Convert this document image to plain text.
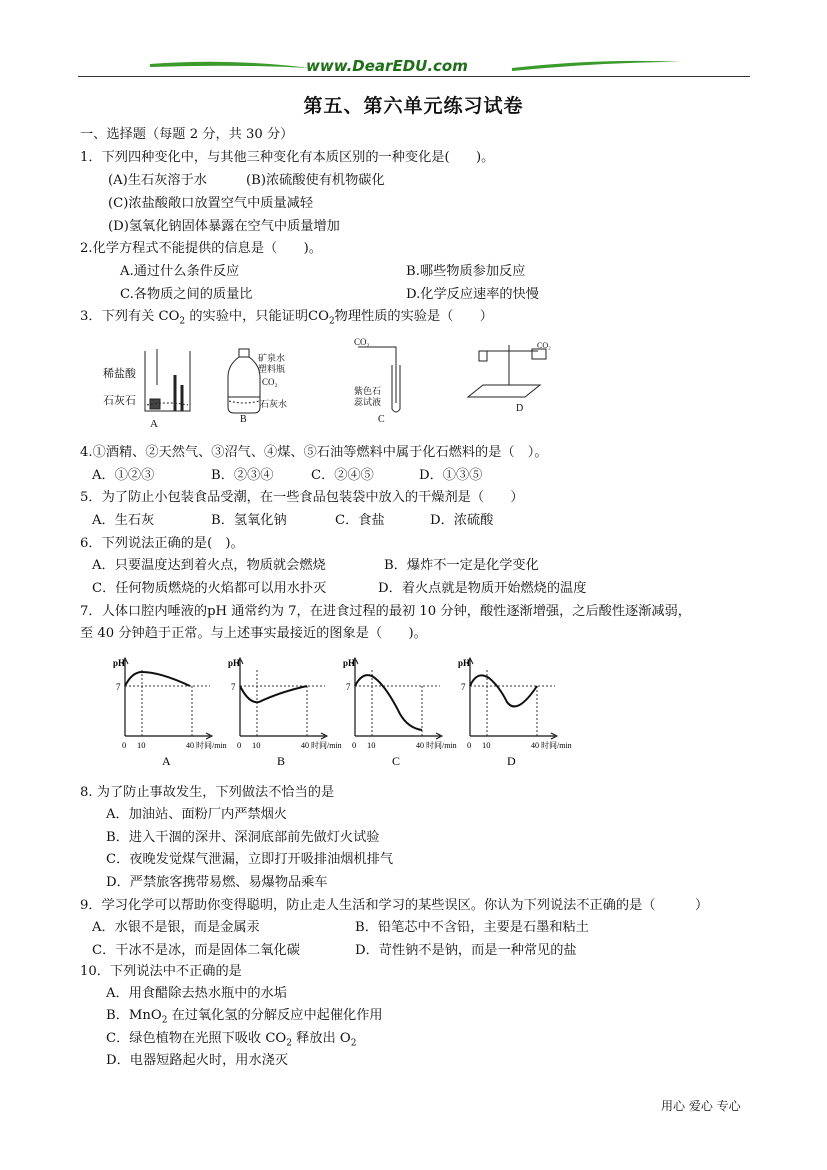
www.DearEDU.com
第五、第六单元练习试卷
一、选择题（每题 2 分，共 30 分）
1．下列四种变化中，与其他三种变化有本质区别的一种变化是(　　)。
(A)生石灰溶于水	(B)浓硫酸使有机物碳化
(C)浓盐酸敞口放置空气中质量减轻
(D)氢氧化钠固体暴露在空气中质量增加
2.化学方程式不能提供的信息是（　　)。
A.通过什么条件反应	B.哪些物质参加反应
C.各物质之间的质量比	D.化学反应速率的快慢
3．下列有关 $CO_2$ 的实验中，只能证明$CO_2$物理性质的实验是（　　）
稀盐酸
石灰石
A
矿泉水
塑料瓶
CO₂
石灰水
B
CO₂
紫色石
蕊试液
C
CO₂
D
4.①酒精、②天然气、③沼气、④煤、⑤石油等燃料中属于化石燃料的是（　）。
A．①②③	B．②③④	C．②④⑤	D．①③⑤
5．为了防止小包装食品受潮，在一些食品包装袋中放入的干燥剂是（　　）
A．生石灰	B．氢氧化钠	C．食盐	D．浓硫酸
6．下列说法正确的是(　)。
A．只要温度达到着火点，物质就会燃烧	B．爆炸不一定是化学变化
C．任何物质燃烧的火焰都可以用水扑灭	D．着火点就是物质开始燃烧的温度
7．人体口腔内唾液的pH 通常约为 7，在进食过程的最初 10 分钟，酸性逐渐增强，之后酸性逐渐减弱，
至 40 分钟趋于正常。与上述事实最接近的图象是（　　)。
pH
7
0 10	40 时间/min
A
pH
7
0 10	40 时间/min
B
pH
7
0 10	40 时间/min
C
pH
7
0 10	40 时间/min
D
8. 为了防止事故发生，下列做法不恰当的是
A．加油站、面粉厂内严禁烟火
B．进入干涸的深井、深洞底部前先做灯火试验
C．夜晚发觉煤气泄漏，立即打开吸排油烟机排气
D．严禁旅客携带易燃、易爆物品乘车
9．学习化学可以帮助你变得聪明，防止走人生活和学习的某些误区。你认为下列说法不正确的是（　　　）
A．水银不是银，而是金属汞	B．铅笔芯中不含铅，主要是石墨和粘土
C．干冰不是冰，而是固体二氧化碳	D．苛性钠不是钠，而是一种常见的盐
10．下列说法中不正确的是
A．用食醋除去热水瓶中的水垢
B．MnO$_2$ 在过氧化氢的分解反应中起催化作用
C．绿色植物在光照下吸收 $CO_2$ 释放出 $O_2$
D．电器短路起火时，用水浇灭
用心 爱心 专心
